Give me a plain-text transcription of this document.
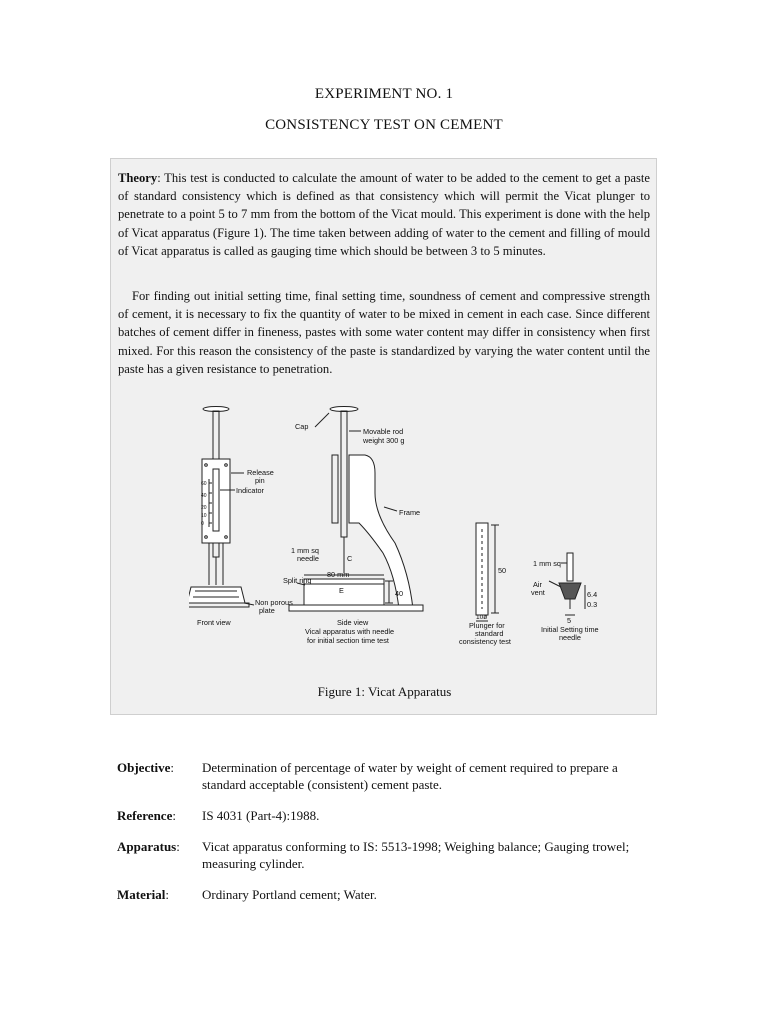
EXPERIMENT NO. 1
CONSISTENCY TEST ON CEMENT

Theory: This test is conducted to calculate the amount of water to be added to the cement to get a paste of standard consistency which is defined as that consistency which will permit the Vicat plunger to penetrate to a point 5 to 7 mm from the bottom of the Vicat mould. This experiment is done with the help of Vicat apparatus (Figure 1). The time taken between adding of water to the cement and filling of mould of Vicat apparatus is called as gauging time which should be between 3 to 5 minutes.

For finding out initial setting time, final setting time, soundness of cement and compressive strength of cement, it is necessary to fix the quantity of water to be mixed in cement in each case. Since different batches of cement differ in fineness, pastes with some water content may differ in consistency when first mixed. For this reason the consistency of the paste is standardized by varying the water content until the paste has a given resistance to penetration.

Release
pin
Indicator
60
40
20
10
0
Non porous
plate
Front view
Cap
Movable rod
weight 300 g
Frame
1 mm sq
needle	C
Split ring
80 mm
E	40
Side view
Vical apparatus with needle
for initial section time test
50
10ø
Plunger for
standard
consistency test
1 mm sq
Air
vent	6.4
0.3
5
Initial Setting time
needle
Figure 1: Vicat Apparatus
Objective: Determination of percentage of water by weight of cement required to prepare a standard acceptable (consistent) cement paste.
Reference: IS 4031 (Part-4):1988.
Apparatus: Vicat apparatus conforming to IS: 5513-1998; Weighing balance; Gauging trowel; measuring cylinder.
Material:	Ordinary Portland cement; Water.
